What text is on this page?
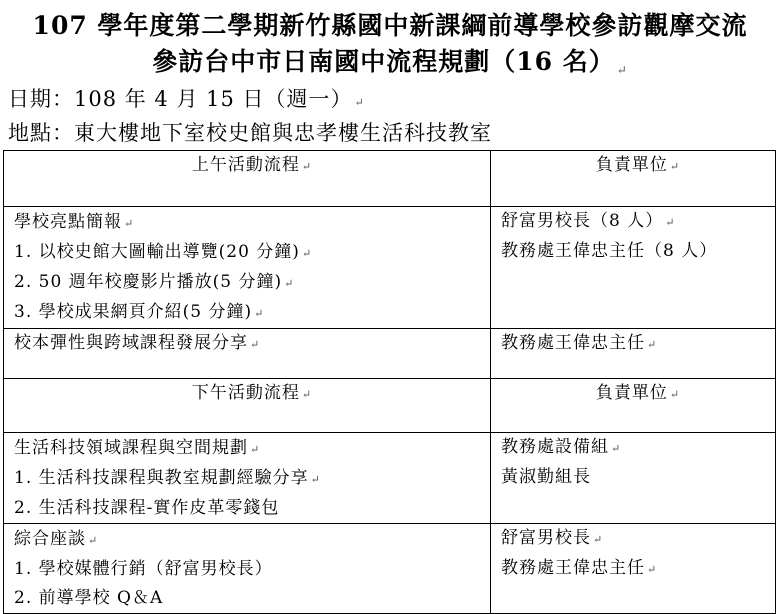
107 學年度第二學期新竹縣國中新課綱前導學校參訪觀摩交流
參訪台中市日南國中流程規劃（16 名） ↵
日期：108 年 4 月 15 日（週一） ↵
地點：東大樓地下室校史館與忠孝樓生活科技教室
上午活動流程 ↵	負責單位 ↵

學校亮點簡報 ↵
1. 以校史館大圖輸出導覽(20 分鐘) ↵
2. 50 週年校慶影片播放(5 分鐘) ↵
3. 學校成果網頁介紹(5 分鐘) ↵	舒富男校長（8 人） ↵
教務處王偉忠主任（8 人）

校本彈性與跨域課程發展分享 ↵	教務處王偉忠主任 ↵
下午活動流程 ↵	負責單位 ↵

生活科技領域課程與空間規劃 ↵
1. 生活科技課程與教室規劃經驗分享 ↵
2. 生活科技課程-實作皮革零錢包	教務處設備組 ↵
黃淑勤組長

綜合座談 ↵
1. 學校媒體行銷（舒富男校長）
2. 前導學校 Q＆A	舒富男校長 ↵
教務處王偉忠主任 ↵
